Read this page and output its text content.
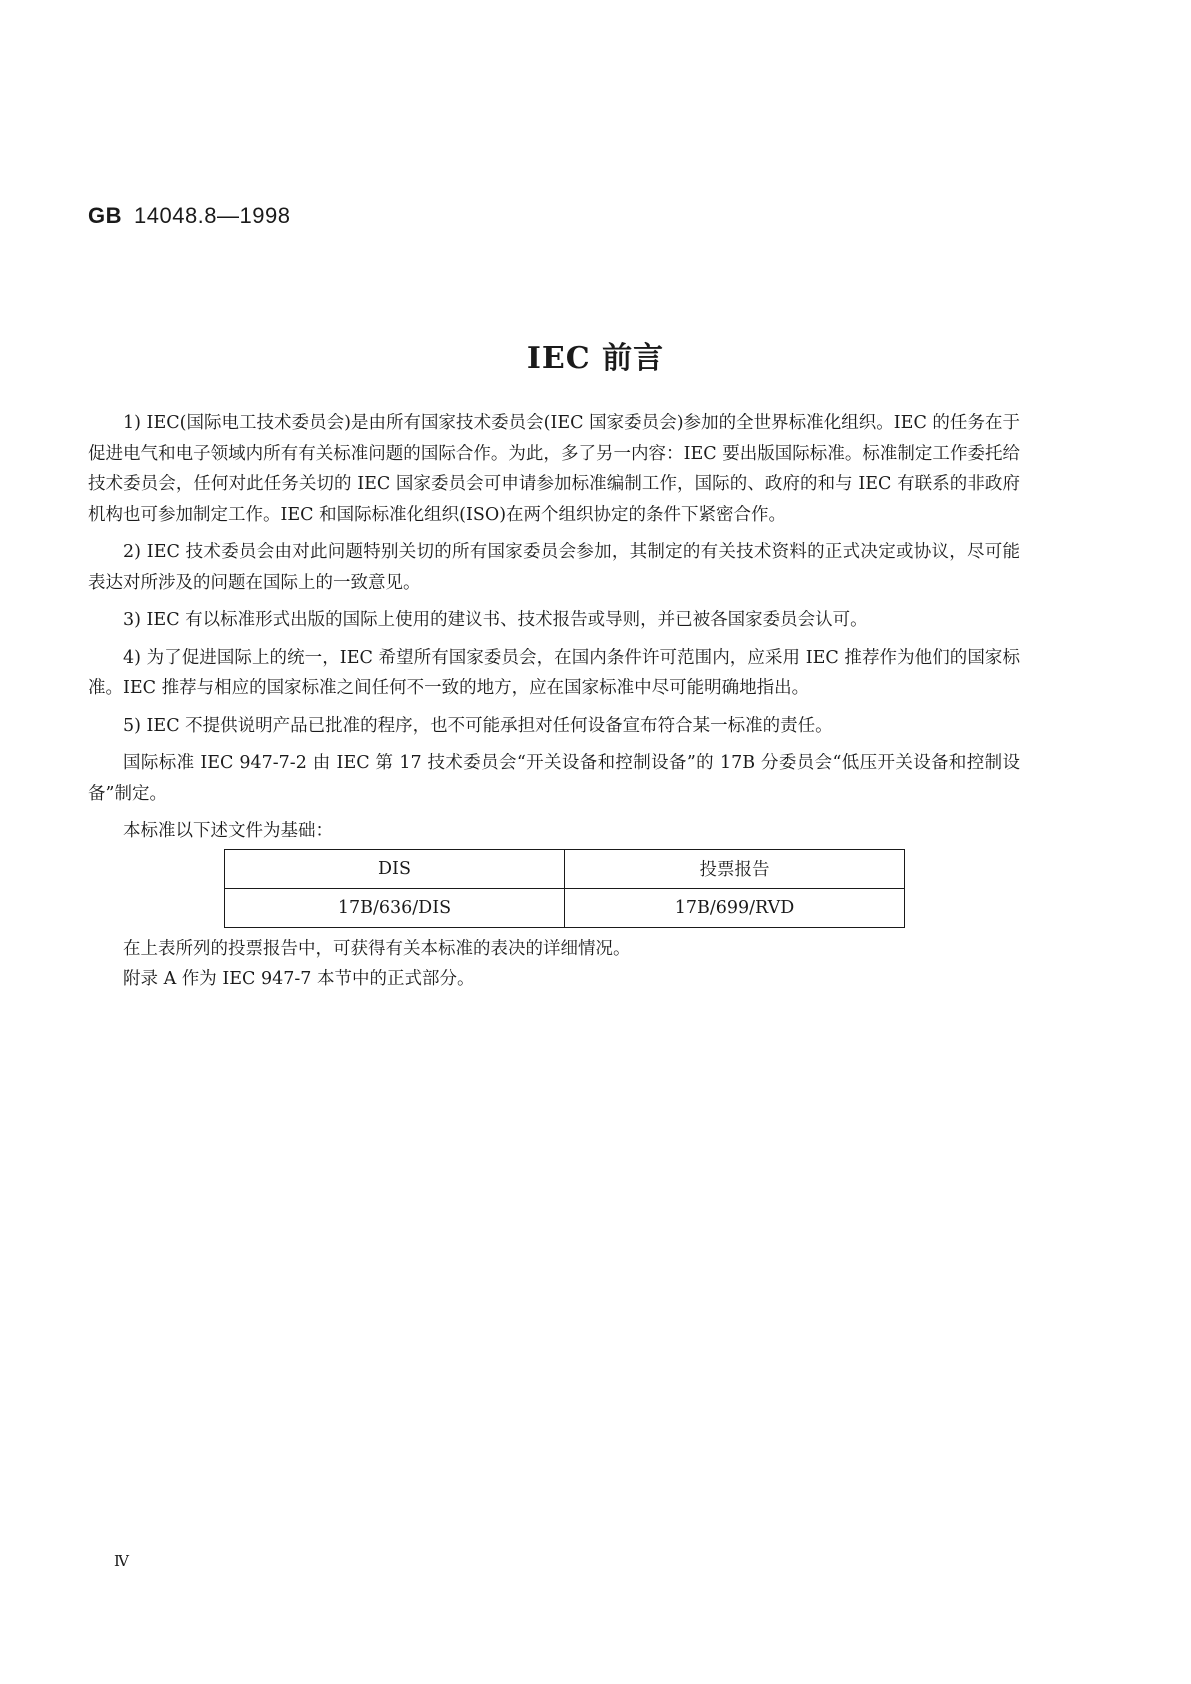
GB 14048.8—1998
IEC 前言

1) IEC(国际电工技术委员会)是由所有国家技术委员会(IEC 国家委员会)参加的全世界标准化组织。IEC 的任务在于促进电气和电子领域内所有有关标准问题的国际合作。为此，多了另一内容：IEC 要出版国际标准。标准制定工作委托给技术委员会，任何对此任务关切的 IEC 国家委员会可申请参加标准编制工作，国际的、政府的和与 IEC 有联系的非政府机构也可参加制定工作。IEC 和国际标准化组织(ISO)在两个组织协定的条件下紧密合作。

2) IEC 技术委员会由对此问题特别关切的所有国家委员会参加，其制定的有关技术资料的正式决定或协议，尽可能表达对所涉及的问题在国际上的一致意见。

3) IEC 有以标准形式出版的国际上使用的建议书、技术报告或导则，并已被各国家委员会认可。

4) 为了促进国际上的统一，IEC 希望所有国家委员会，在国内条件许可范围内，应采用 IEC 推荐作为他们的国家标准。IEC 推荐与相应的国家标准之间任何不一致的地方，应在国家标准中尽可能明确地指出。

5) IEC 不提供说明产品已批准的程序，也不可能承担对任何设备宣布符合某一标准的责任。

国际标准 IEC 947-7-2 由 IEC 第 17 技术委员会“开关设备和控制设备”的 17B 分委员会“低压开关设备和控制设备”制定。

本标准以下述文件为基础：

DIS	投票报告
17B/636/DIS	17B/699/RVD

在上表所列的投票报告中，可获得有关本标准的表决的详细情况。

附录 A 作为 IEC 947-7 本节中的正式部分。

Ⅳ
